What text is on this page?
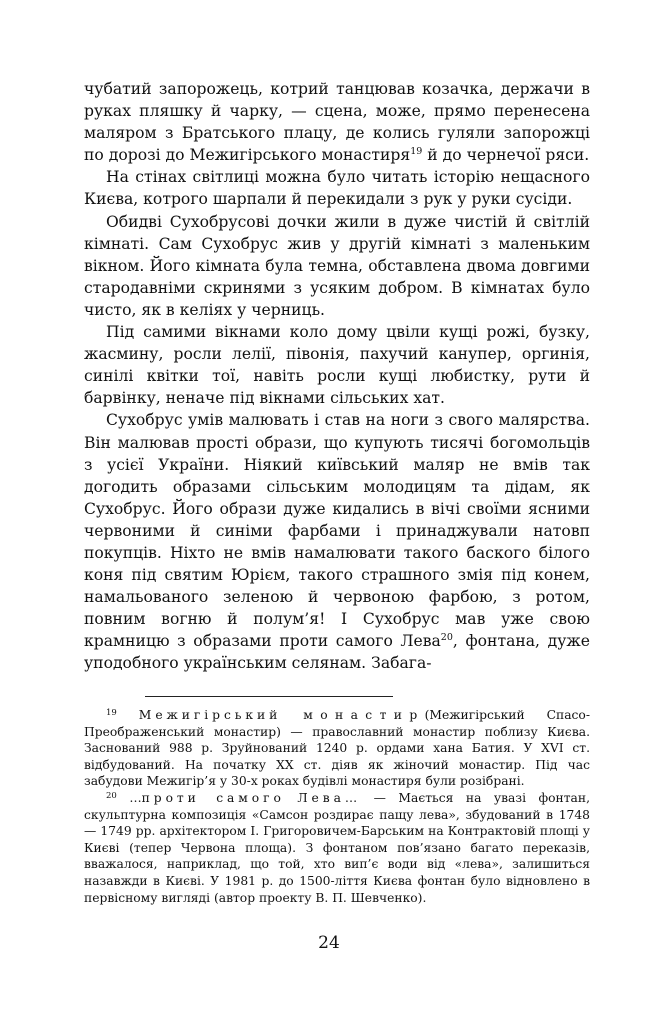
чубатий запорожець, котрий танцював козачка, держачи в руках пляшку й чарку, — сцена, може, прямо перенесена маляром з Братського плацу, де колись гуляли запорожці по дорозі до Межигірського монастиря$^{19}$ й до чернечої ряси.

На стінах світлиці можна було читать історію нещасного Києва, котрого шарпали й перекидали з рук у руки сусіди.

Обидві Сухобрусові дочки жили в дуже чистій й світлій кімнаті. Сам Сухобрус жив у другій кімнаті з маленьким вікном. Його кімната була темна, обставлена двома довгими стародавніми скринями з усяким добром. В кімнатах було чисто, як в келіях у черниць.

Під самими вікнами коло дому цвіли кущі рожі, бузку, жасмину, росли лелії, півонія, пахучий канупер, оргинія, синілі квітки тої, навіть росли кущі любистку, рути й барвінку, неначе під вікнами сільських хат.

Сухобрус умів малювать і став на ноги з свого малярства. Він малював прості образи, що купують тисячі богомольців з усієї України. Ніякий київський маляр не вмів так догодить образами сільським молодицям та дідам, як Сухобрус. Його образи дуже кидались в вічі своїми ясними червоними й синіми фарбами і принаджували натовп покупців. Ніхто не вмів намалювати такого баского білого коня під святим Юрієм, такого страшного змія під конем, намальованого зеленою й червоною фарбою, з ротом, повним вогню й полум’я! І Сухобрус мав уже свою крамницю з образами проти самого Лева$^{20}$, фонтана, дуже уподобного українським селянам. Забага-

$^{19}$ Межигірський монастир(Межигірський Спасо-Преображенський монастир) — православний монастир поблизу Києва. Заснований 988 р. Зруйнований 1240 р. ордами хана Батия. У XVI ст. відбудований. На початку XX ст. діяв як жіночий монастир. Під час забудови Межигір’я у 30-х роках будівлі монастиря були розібрані.

$^{20}$ …проти самого Лева… — Мається на увазі фонтан, скульптурна композиція «Самсон роздирає пащу лева», збудований в 1748 — 1749 рр. архітектором І. Григоровичем-Барським на Контрактовій площі у Києві (тепер Червона площа). З фонтаном пов’язано багато переказів, вважалося, наприклад, що той, хто вип’є води від «лева», залишиться назавжди в Києві. У 1981 р. до 1500-ліття Києва фонтан було відновлено в первісному вигляді (автор проекту В. П. Шевченко).

24
